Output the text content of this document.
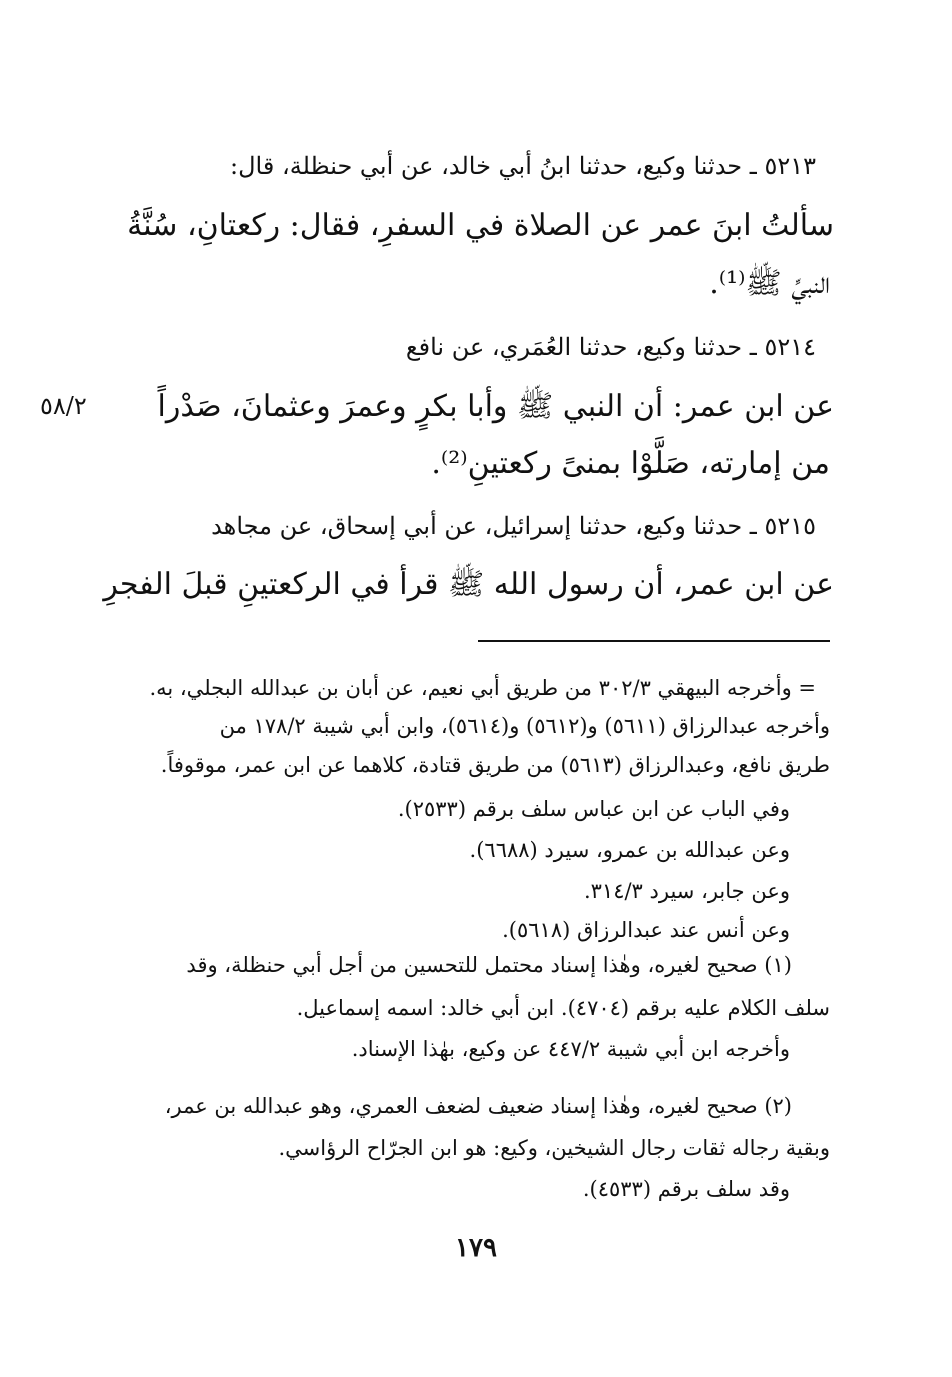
٥٢١٣ ـ حدثنا وكيع، حدثنا ابنُ أبي خالد، عن أبي حنظلة، قال:
سألتُ ابنَ عمر عن الصلاة في السفرِ، فقال: ركعتانِ، سُنَّةُ
النبيِّ ﷺ⁽¹⁾.
٥٢١٤ ـ حدثنا وكيع، حدثنا العُمَري، عن نافع
عن ابن عمر: أن النبي ﷺ وأبا بكرٍ وعمرَ وعثمانَ، صَدْراً
من إمارته، صَلَّوْا بمنىً ركعتينِ⁽²⁾.
٥٨/٢
٥٢١٥ ـ حدثنا وكيع، حدثنا إسرائيل، عن أبي إسحاق، عن مجاهد
عن ابن عمر، أن رسول الله ﷺ قرأ في الركعتينِ قبلَ الفجرِ
= وأخرجه البيهقي ٣٠٢/٣ من طريق أبي نعيم، عن أبان بن عبدالله البجلي، به.
وأخرجه عبدالرزاق (٥٦١١) و(٥٦١٢) و(٥٦١٤)، وابن أبي شيبة ١٧٨/٢ من
طريق نافع، وعبدالرزاق (٥٦١٣) من طريق قتادة، كلاهما عن ابن عمر، موقوفاً.
وفي الباب عن ابن عباس سلف برقم (٢٥٣٣).
وعن عبدالله بن عمرو، سيرد (٦٦٨٨).
وعن جابر، سيرد ٣١٤/٣.
وعن أنس عند عبدالرزاق (٥٦١٨).
(١) صحيح لغيره، وهٰذا إسناد محتمل للتحسين من أجل أبي حنظلة، وقد
سلف الكلام عليه برقم (٤٧٠٤). ابن أبي خالد: اسمه إسماعيل.
وأخرجه ابن أبي شيبة ٤٤٧/٢ عن وكيع، بهٰذا الإسناد.
(٢) صحيح لغيره، وهٰذا إسناد ضعيف لضعف العمري، وهو عبدالله بن عمر،
وبقية رجاله ثقات رجال الشيخين، وكيع: هو ابن الجرّاح الرؤاسي.
وقد سلف برقم (٤٥٣٣).
١٧٩
